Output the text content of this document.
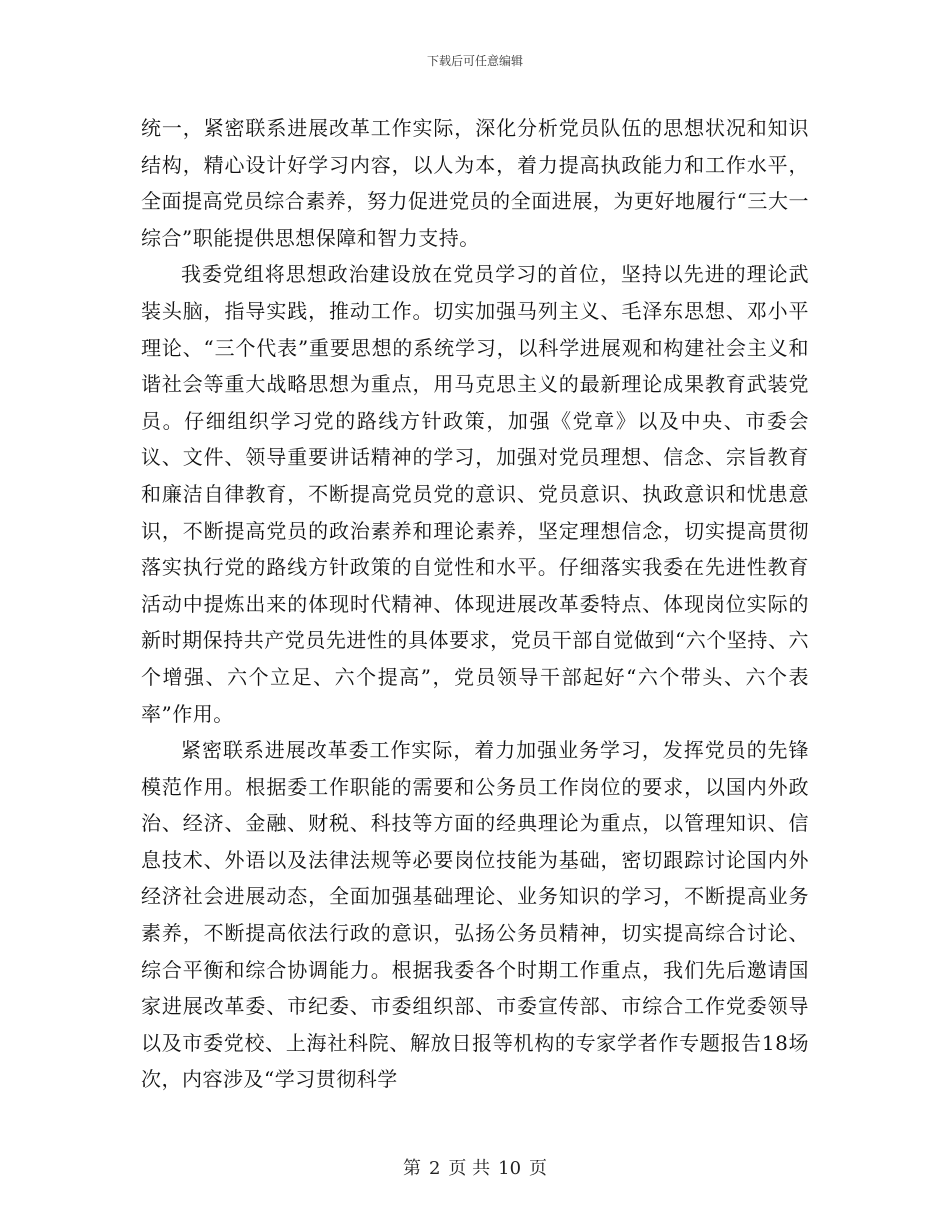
下载后可任意编辑

统一，紧密联系进展改革工作实际，深化分析党员队伍的思想状况和知识结构，精心设计好学习内容，以人为本，着力提高执政能力和工作水平，全面提高党员综合素养，努力促进党员的全面进展，为更好地履行“三大一综合”职能提供思想保障和智力支持。

我委党组将思想政治建设放在党员学习的首位，坚持以先进的理论武装头脑，指导实践，推动工作。切实加强马列主义、毛泽东思想、邓小平理论、“三个代表”重要思想的系统学习，以科学进展观和构建社会主义和谐社会等重大战略思想为重点，用马克思主义的最新理论成果教育武装党员。仔细组织学习党的路线方针政策，加强《党章》以及中央、市委会议、文件、领导重要讲话精神的学习，加强对党员理想、信念、宗旨教育和廉洁自律教育，不断提高党员党的意识、党员意识、执政意识和忧患意识，不断提高党员的政治素养和理论素养，坚定理想信念，切实提高贯彻落实执行党的路线方针政策的自觉性和水平。仔细落实我委在先进性教育活动中提炼出来的体现时代精神、体现进展改革委特点、体现岗位实际的新时期保持共产党员先进性的具体要求，党员干部自觉做到“六个坚持、六个增强、六个立足、六个提高”，党员领导干部起好“六个带头、六个表率”作用。

紧密联系进展改革委工作实际，着力加强业务学习，发挥党员的先锋模范作用。根据委工作职能的需要和公务员工作岗位的要求，以国内外政治、经济、金融、财税、科技等方面的经典理论为重点，以管理知识、信息技术、外语以及法律法规等必要岗位技能为基础，密切跟踪讨论国内外经济社会进展动态，全面加强基础理论、业务知识的学习，不断提高业务素养，不断提高依法行政的意识，弘扬公务员精神，切实提高综合讨论、综合平衡和综合协调能力。根据我委各个时期工作重点，我们先后邀请国家进展改革委、市纪委、市委组织部、市委宣传部、市综合工作党委领导以及市委党校、上海社科院、解放日报等机构的专家学者作专题报告18场次，内容涉及“学习贯彻科学

第 2 页 共 10 页
